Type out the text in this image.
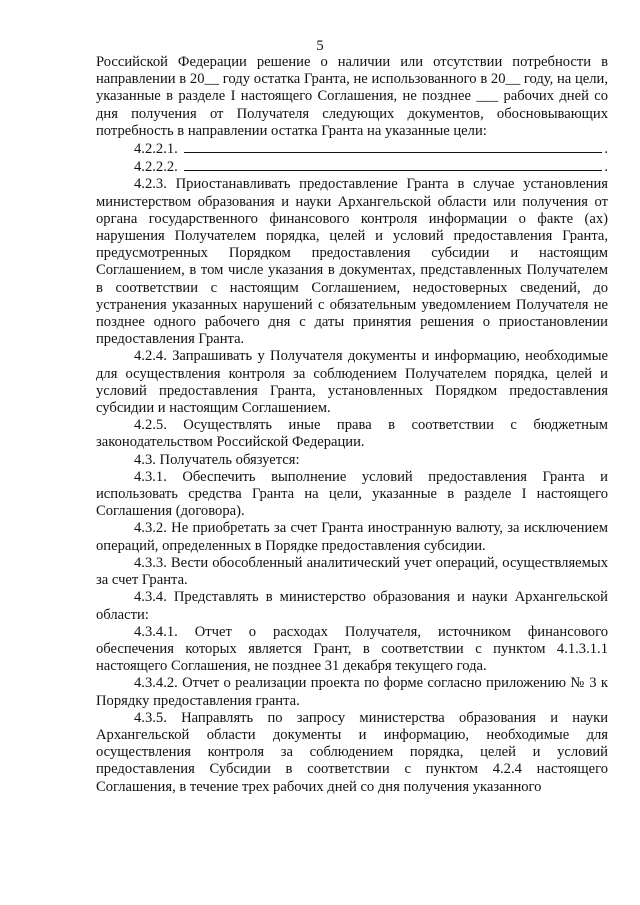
5

Российской Федерации решение о наличии или отсутствии потребности в направлении в 20__ году остатка Гранта, не использованного в 20__ году, на цели, указанные в разделе I настоящего Соглашения, не позднее ___ рабочих дней со дня получения от Получателя следующих документов, обосновывающих потребность в направлении остатка Гранта на указанные цели:

4.2.2.1.	.
4.2.2.2.	.

4.2.3. Приостанавливать предоставление Гранта в случае установления министерством образования и науки Архангельской области или получения от органа государственного финансового контроля информации о факте (ах) нарушения Получателем порядка, целей и условий предоставления Гранта, предусмотренных Порядком предоставления субсидии и настоящим Соглашением, в том числе указания в документах, представленных Получателем в соответствии с настоящим Соглашением, недостоверных сведений, до устранения указанных нарушений с обязательным уведомлением Получателя не позднее одного рабочего дня с даты принятия решения о приостановлении предоставления Гранта.

4.2.4. Запрашивать у Получателя документы и информацию, необходимые для осуществления контроля за соблюдением Получателем порядка, целей и условий предоставления Гранта, установленных Порядком предоставления субсидии и настоящим Соглашением.

4.2.5. Осуществлять иные права в соответствии с бюджетным законодательством Российской Федерации.

4.3. Получатель обязуется:

4.3.1. Обеспечить выполнение условий предоставления Гранта и использовать средства Гранта на цели, указанные в разделе I настоящего Соглашения (договора).

4.3.2. Не приобретать за счет Гранта иностранную валюту, за исключением операций, определенных в Порядке предоставления субсидии.

4.3.3. Вести обособленный аналитический учет операций, осуществляемых за счет Гранта.

4.3.4. Представлять в министерство образования и науки Архангельской области:

4.3.4.1. Отчет о расходах Получателя, источником финансового обеспечения которых является Грант, в соответствии с пунктом 4.1.3.1.1 настоящего Соглашения, не позднее 31 декабря текущего года.

4.3.4.2. Отчет о реализации проекта по форме согласно приложению № 3 к Порядку предоставления гранта.

4.3.5. Направлять по запросу министерства образования и науки Архангельской области документы и информацию, необходимые для осуществления контроля за соблюдением порядка, целей и условий предоставления Субсидии в соответствии с пунктом 4.2.4 настоящего Соглашения, в течение трех рабочих дней со дня получения указанного
